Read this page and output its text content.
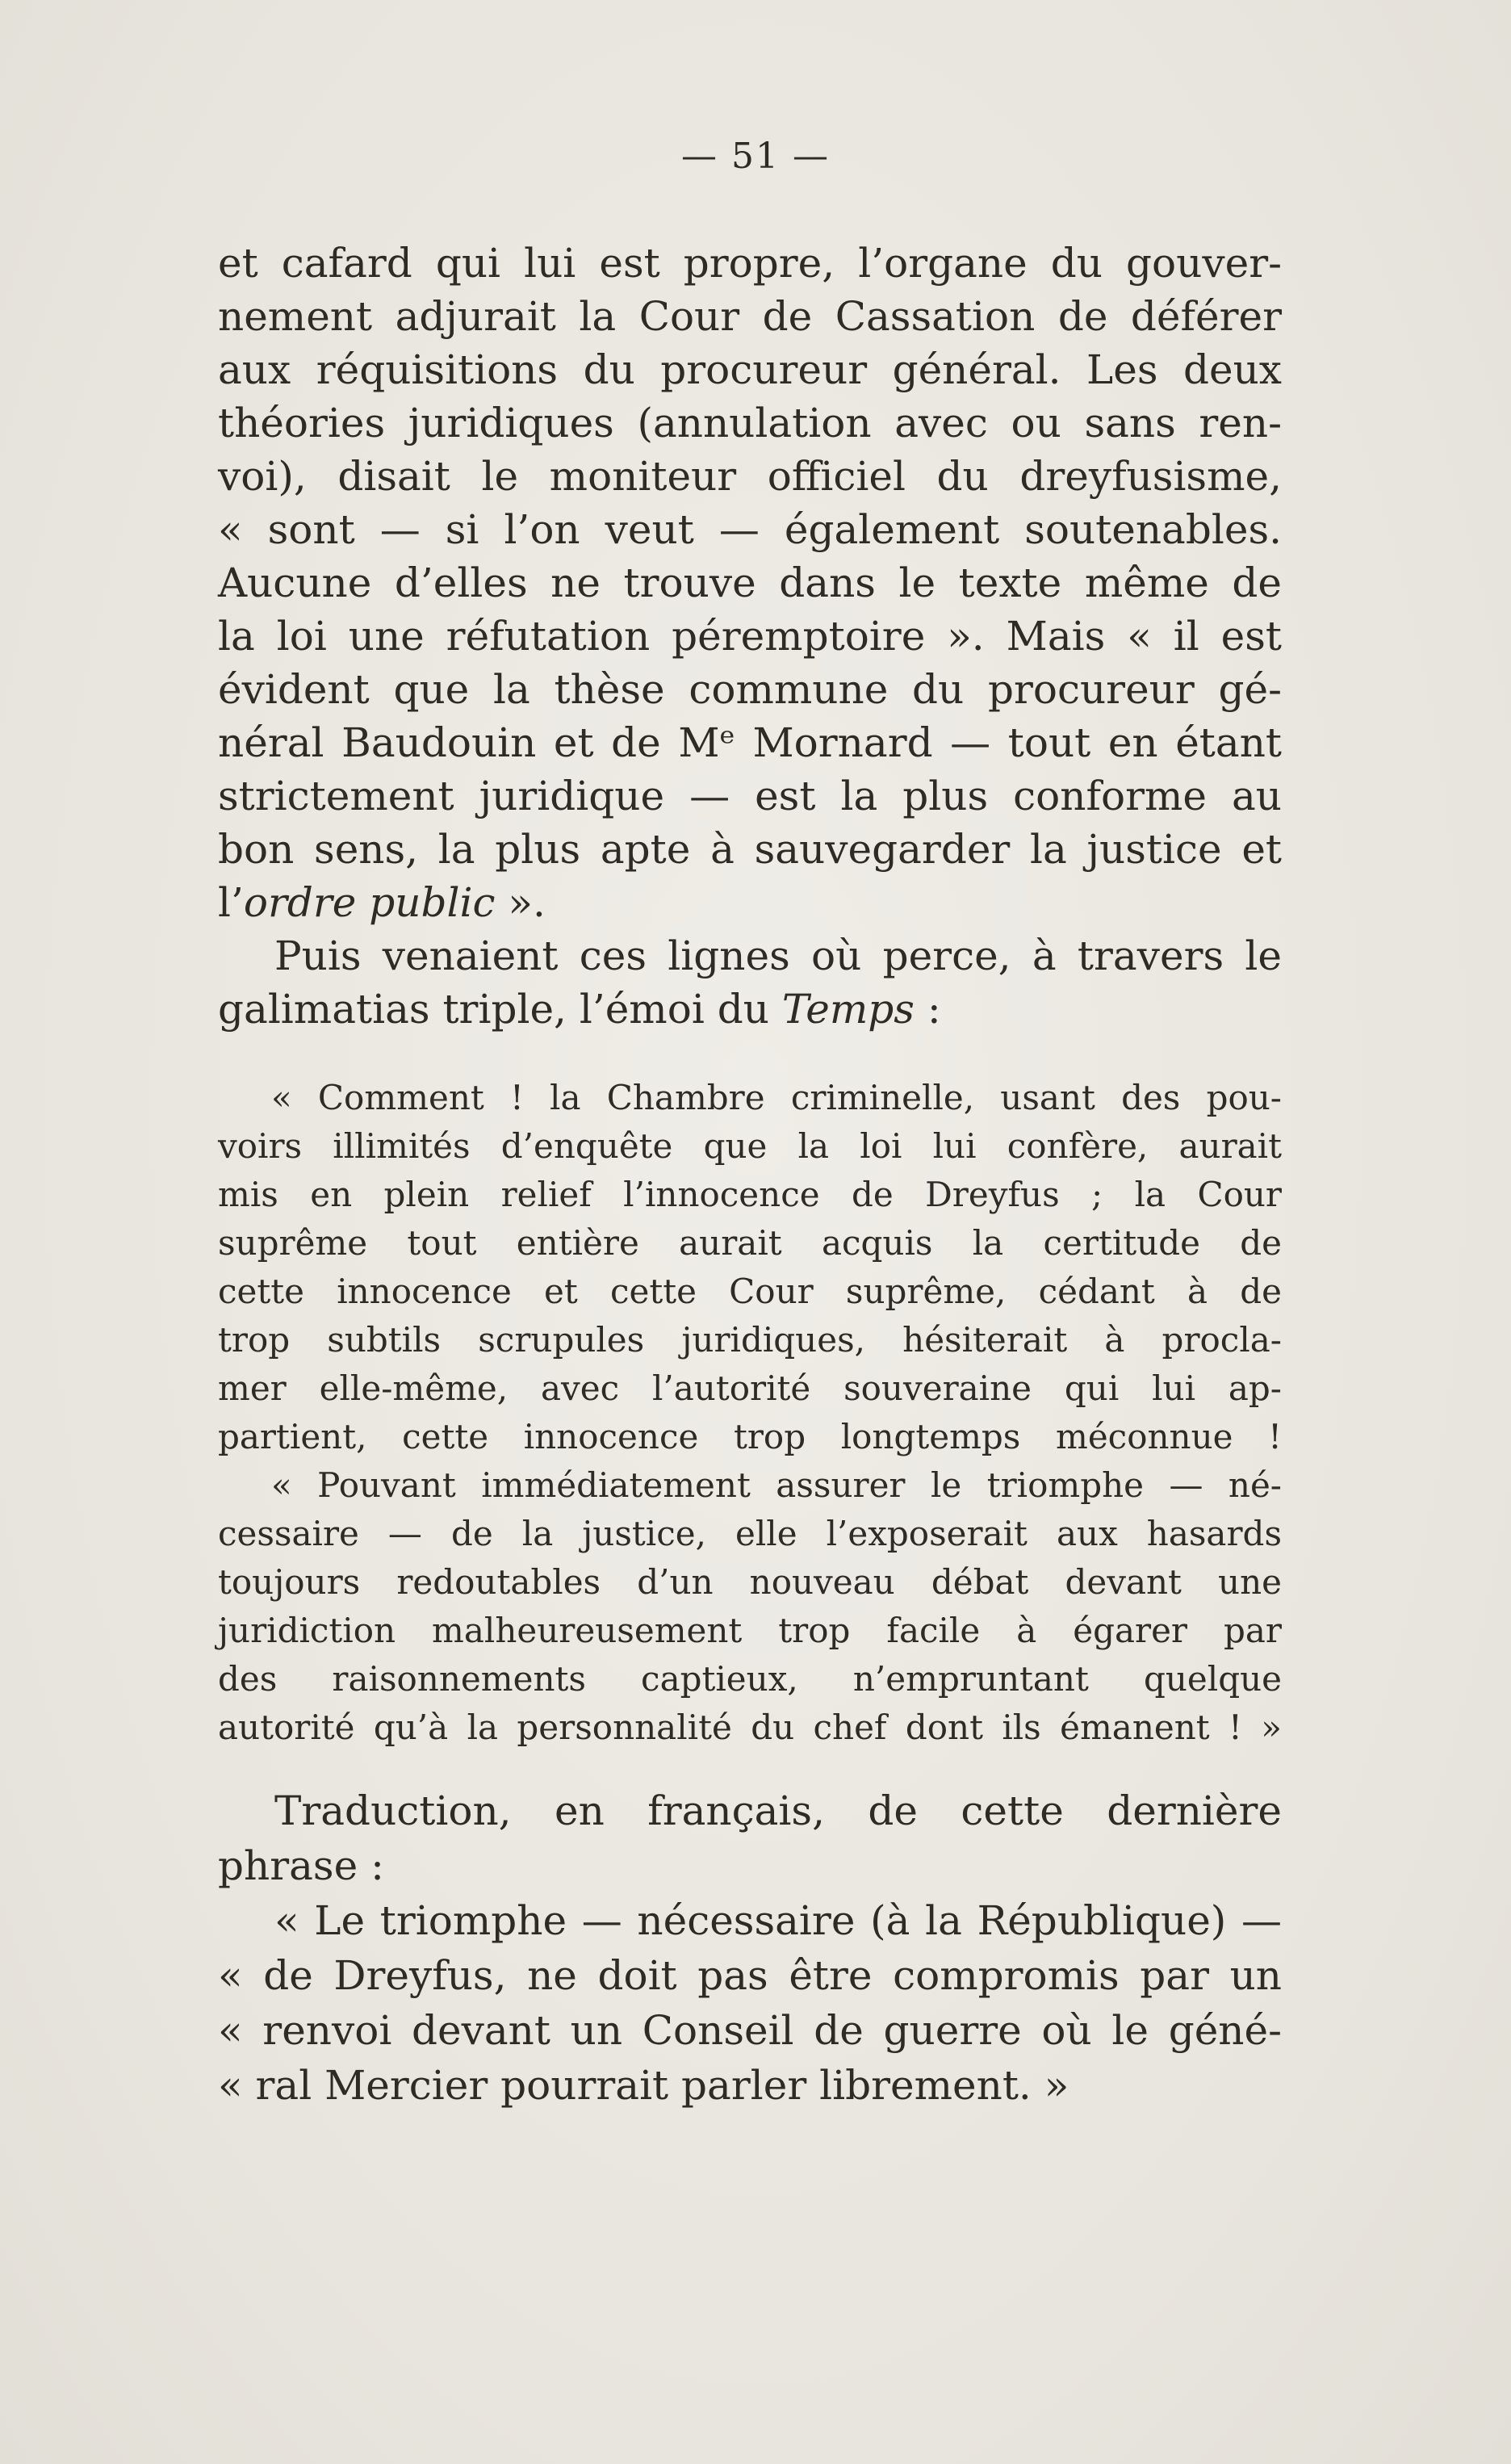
— 51 —
et cafard qui lui est propre, l’organe du gouver-
nement adjurait la Cour de Cassation de déférer
aux réquisitions du procureur général. Les deux
théories juridiques (annulation avec ou sans ren-
voi), disait le moniteur officiel du dreyfusisme,
« sont — si l’on veut — également soutenables.
Aucune d’elles ne trouve dans le texte même de
la loi une réfutation péremptoire ». Mais « il est
évident que la thèse commune du procureur gé-
néral Baudouin et de Mᵉ Mornard — tout en étant
strictement juridique — est la plus conforme au
bon sens, la plus apte à sauvegarder la justice et
l’ordre public ».
Puis venaient ces lignes où perce, à travers le
galimatias triple, l’émoi du Temps :
« Comment ! la Chambre criminelle, usant des pou-
voirs illimités d’enquête que la loi lui confère, aurait
mis en plein relief l’innocence de Dreyfus ; la Cour
suprême tout entière aurait acquis la certitude de
cette innocence et cette Cour suprême, cédant à de
trop subtils scrupules juridiques, hésiterait à procla-
mer elle-même, avec l’autorité souveraine qui lui ap-
partient, cette innocence trop longtemps méconnue !
« Pouvant immédiatement assurer le triomphe — né-
cessaire — de la justice, elle l’exposerait aux hasards
toujours redoutables d’un nouveau débat devant une
juridiction malheureusement trop facile à égarer par
des raisonnements captieux, n’empruntant quelque
autorité qu’à la personnalité du chef dont ils émanent ! »
Traduction, en français, de cette dernière
phrase :
« Le triomphe — nécessaire (à la République) —
« de Dreyfus, ne doit pas être compromis par un
« renvoi devant un Conseil de guerre où le géné-
« ral Mercier pourrait parler librement. »
